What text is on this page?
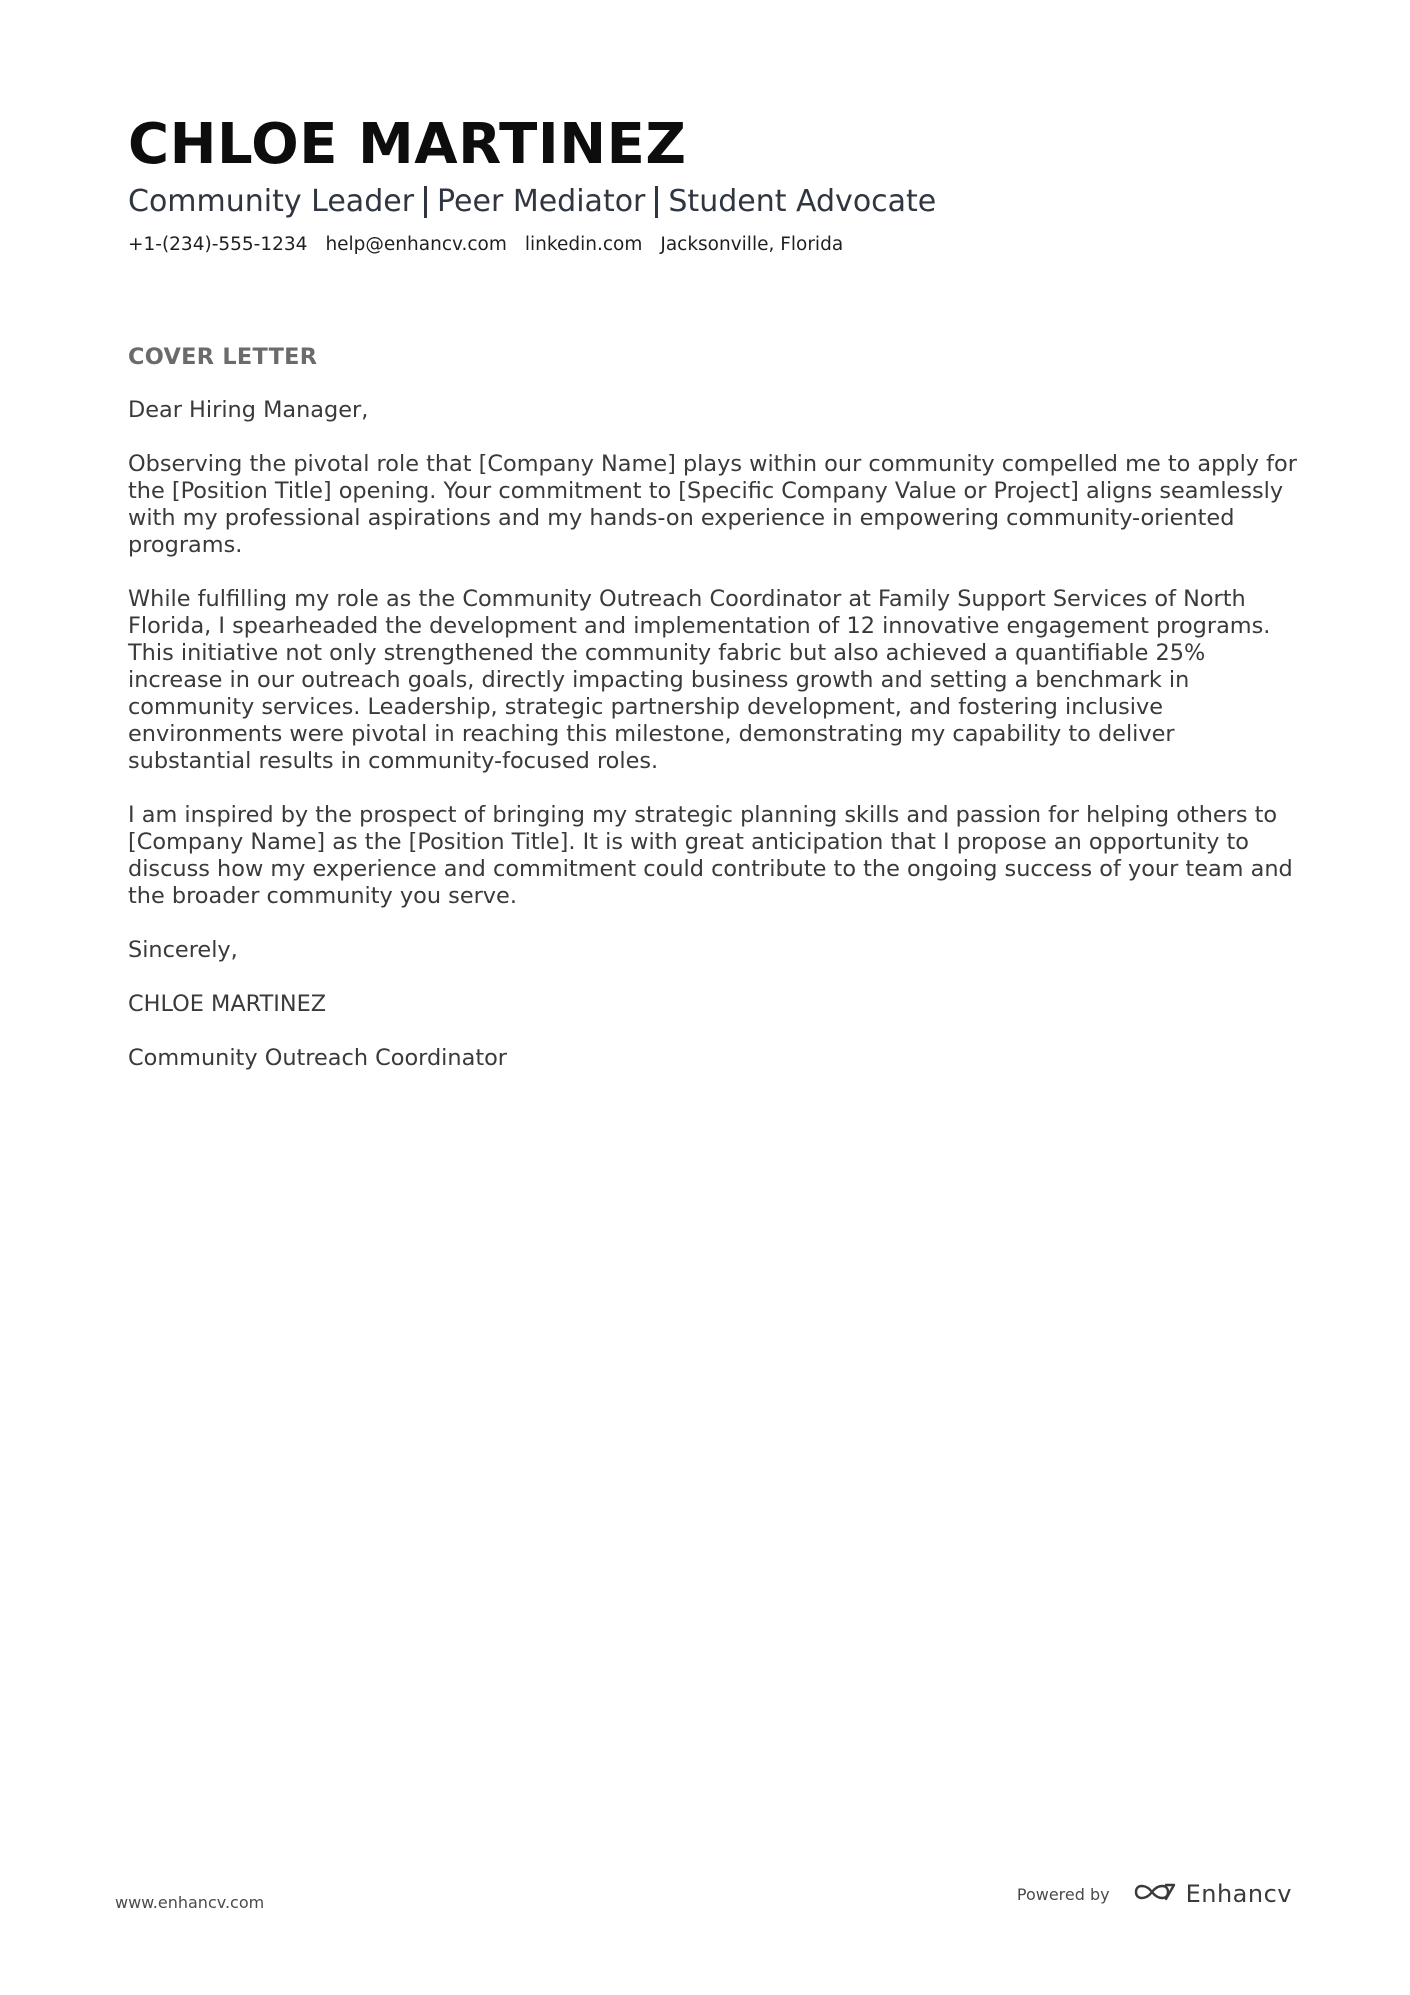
CHLOE MARTINEZ
Community Leader Peer Mediator Student Advocate
+1-(234)-555-1234 help@enhancv.com linkedin.com Jacksonville, Florida
COVER LETTER

Dear Hiring Manager,

Observing the pivotal role that [Company Name] plays within our community compelled me to apply for the [Position Title] opening. Your commitment to [Specific Company Value or Project] aligns seamlessly with my professional aspirations and my hands-on experience in empowering community-oriented programs.

While fulfilling my role as the Community Outreach Coordinator at Family Support Services of North Florida, I spearheaded the development and implementation of 12 innovative engagement programs. This initiative not only strengthened the community fabric but also achieved a quantifiable 25% increase in our outreach goals, directly impacting business growth and setting a benchmark in community services. Leadership, strategic partnership development, and fostering inclusive environments were pivotal in reaching this milestone, demonstrating my capability to deliver substantial results in community-focused roles.

I am inspired by the prospect of bringing my strategic planning skills and passion for helping others to [Company Name] as the [Position Title]. It is with great anticipation that I propose an opportunity to discuss how my experience and commitment could contribute to the ongoing success of your team and the broader community you serve.

Sincerely,

CHLOE MARTINEZ

Community Outreach Coordinator

www.enhancv.com	Powered by	Enhancv
